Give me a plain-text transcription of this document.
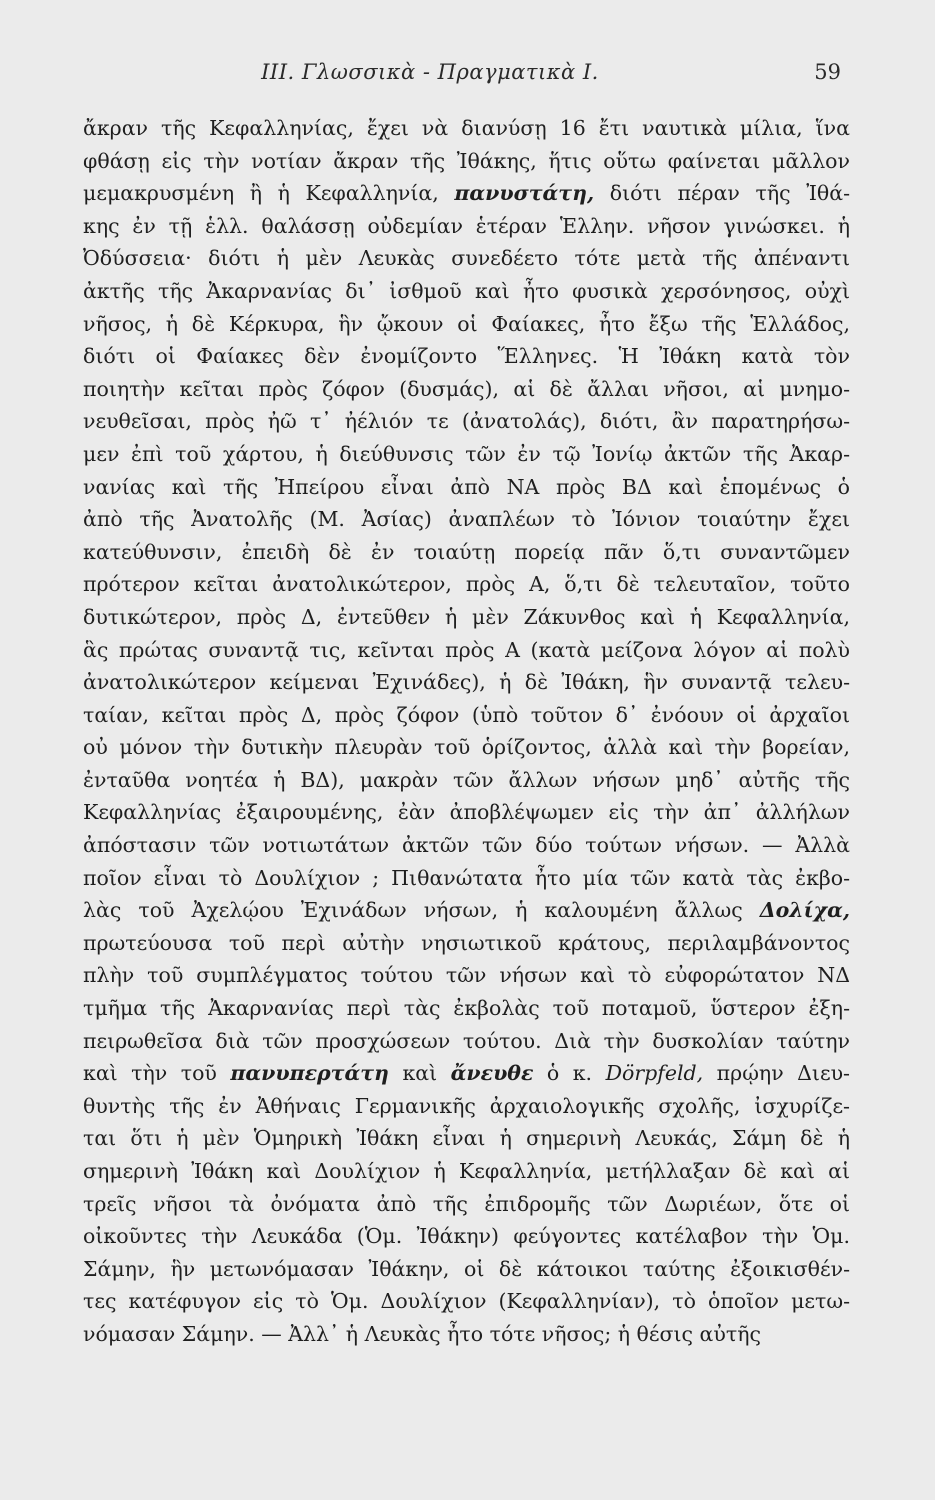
III. Γλωσσικὰ - Πραγματικὰ Ι.	59
ἄκραν τῆς Κεφαλληνίας, ἔχει νὰ διανύσῃ 16 ἔτι ναυτικὰ μίλια, ἵνα
φθάσῃ εἰς τὴν νοτίαν ἄκραν τῆς Ἰθάκης, ἥτις οὕτω φαίνεται μᾶλλον
μεμακρυσμένη ἢ ἡ Κεφαλληνία, πανυστάτη, διότι πέραν τῆς Ἰθά-
κης ἐν τῇ ἑλλ. θαλάσσῃ οὐδεμίαν ἑτέραν Ἑλλην. νῆσον γινώσκει. ἡ
Ὀδύσσεια· διότι ἡ μὲν Λευκὰς συνεδέετο τότε μετὰ τῆς ἀπέναντι
ἀκτῆς τῆς Ἀκαρνανίας δι᾿ ἰσθμοῦ καὶ ἦτο φυσικὰ χερσόνησος, οὐχὶ
νῆσος, ἡ δὲ Κέρκυρα, ἣν ᾤκουν οἱ Φαίακες, ἦτο ἔξω τῆς Ἑλλάδος,
διότι οἱ Φαίακες δὲν ἐνομίζοντο Ἕλληνες. Ἡ Ἰθάκη κατὰ τὸν
ποιητὴν κεῖται πρὸς ζόφον (δυσμάς), αἱ δὲ ἄλλαι νῆσοι, αἱ μνημο-
νευθεῖσαι, πρὸς ἠῶ τ᾿ ἠέλιόν τε (ἀνατολάς), διότι, ἂν παρατηρήσω-
μεν ἐπὶ τοῦ χάρτου, ἡ διεύθυνσις τῶν ἐν τῷ Ἰονίῳ ἀκτῶν τῆς Ἀκαρ-
νανίας καὶ τῆς Ἠπείρου εἶναι ἀπὸ ΝΑ πρὸς ΒΔ καὶ ἑπομένως ὁ
ἀπὸ τῆς Ἀνατολῆς (Μ. Ἀσίας) ἀναπλέων τὸ Ἰόνιον τοιαύτην ἔχει
κατεύθυνσιν, ἐπειδὴ δὲ ἐν τοιαύτῃ πορείᾳ πᾶν ὅ,τι συναντῶμεν
πρότερον κεῖται ἀνατολικώτερον, πρὸς Α, ὅ,τι δὲ τελευταῖον, τοῦτο
δυτικώτερον, πρὸς Δ, ἐντεῦθεν ἡ μὲν Ζάκυνθος καὶ ἡ Κεφαλληνία,
ἃς πρώτας συναντᾷ τις, κεῖνται πρὸς Α (κατὰ μείζονα λόγον αἱ πολὺ
ἀνατολικώτερον κείμεναι Ἐχινάδες), ἡ δὲ Ἰθάκη, ἣν συναντᾷ τελευ-
ταίαν, κεῖται πρὸς Δ, πρὸς ζόφον (ὑπὸ τοῦτον δ᾿ ἐνόουν οἱ ἀρχαῖοι
οὐ μόνον τὴν δυτικὴν πλευρὰν τοῦ ὁρίζοντος, ἀλλὰ καὶ τὴν βορείαν,
ἐνταῦθα νοητέα ἡ ΒΔ), μακρὰν τῶν ἄλλων νήσων μηδ᾿ αὐτῆς τῆς
Κεφαλληνίας ἐξαιρουμένης, ἐὰν ἀποβλέψωμεν εἰς τὴν ἀπ᾿ ἀλλήλων
ἀπόστασιν τῶν νοτιωτάτων ἀκτῶν τῶν δύο τούτων νήσων. — Ἀλλὰ
ποῖον εἶναι τὸ Δουλίχιον ; Πιθανώτατα ἦτο μία τῶν κατὰ τὰς ἐκβο-
λὰς τοῦ Ἀχελῴου Ἐχινάδων νήσων, ἡ καλουμένη ἄλλως Δολίχα,
πρωτεύουσα τοῦ περὶ αὐτὴν νησιωτικοῦ κράτους, περιλαμβάνοντος
πλὴν τοῦ συμπλέγματος τούτου τῶν νήσων καὶ τὸ εὐφορώτατον ΝΔ
τμῆμα τῆς Ἀκαρνανίας περὶ τὰς ἐκβολὰς τοῦ ποταμοῦ, ὕστερον ἐξη-
πειρωθεῖσα διὰ τῶν προσχώσεων τούτου. Διὰ τὴν δυσκολίαν ταύτην
καὶ τὴν τοῦ πανυπερτάτη καὶ ἄνευθε ὁ κ. Dörpfeld, πρῴην Διευ-
θυντὴς τῆς ἐν Ἀθήναις Γερμανικῆς ἀρχαιολογικῆς σχολῆς, ἰσχυρίζε-
ται ὅτι ἡ μὲν Ὁμηρικὴ Ἰθάκη εἶναι ἡ σημερινὴ Λευκάς, Σάμη δὲ ἡ
σημερινὴ Ἰθάκη καὶ Δουλίχιον ἡ Κεφαλληνία, μετήλλαξαν δὲ καὶ αἱ
τρεῖς νῆσοι τὰ ὀνόματα ἀπὸ τῆς ἐπιδρομῆς τῶν Δωριέων, ὅτε οἱ
οἰκοῦντες τὴν Λευκάδα (Ὁμ. Ἰθάκην) φεύγοντες κατέλαβον τὴν Ὁμ.
Σάμην, ἣν μετωνόμασαν Ἰθάκην, οἱ δὲ κάτοικοι ταύτης ἐξοικισθέν-
τες κατέφυγον εἰς τὸ Ὁμ. Δουλίχιον (Κεφαλληνίαν), τὸ ὁποῖον μετω-
νόμασαν Σάμην. — Ἀλλ᾿ ἡ Λευκὰς ἦτο τότε νῆσος; ἡ θέσις αὐτῆς
